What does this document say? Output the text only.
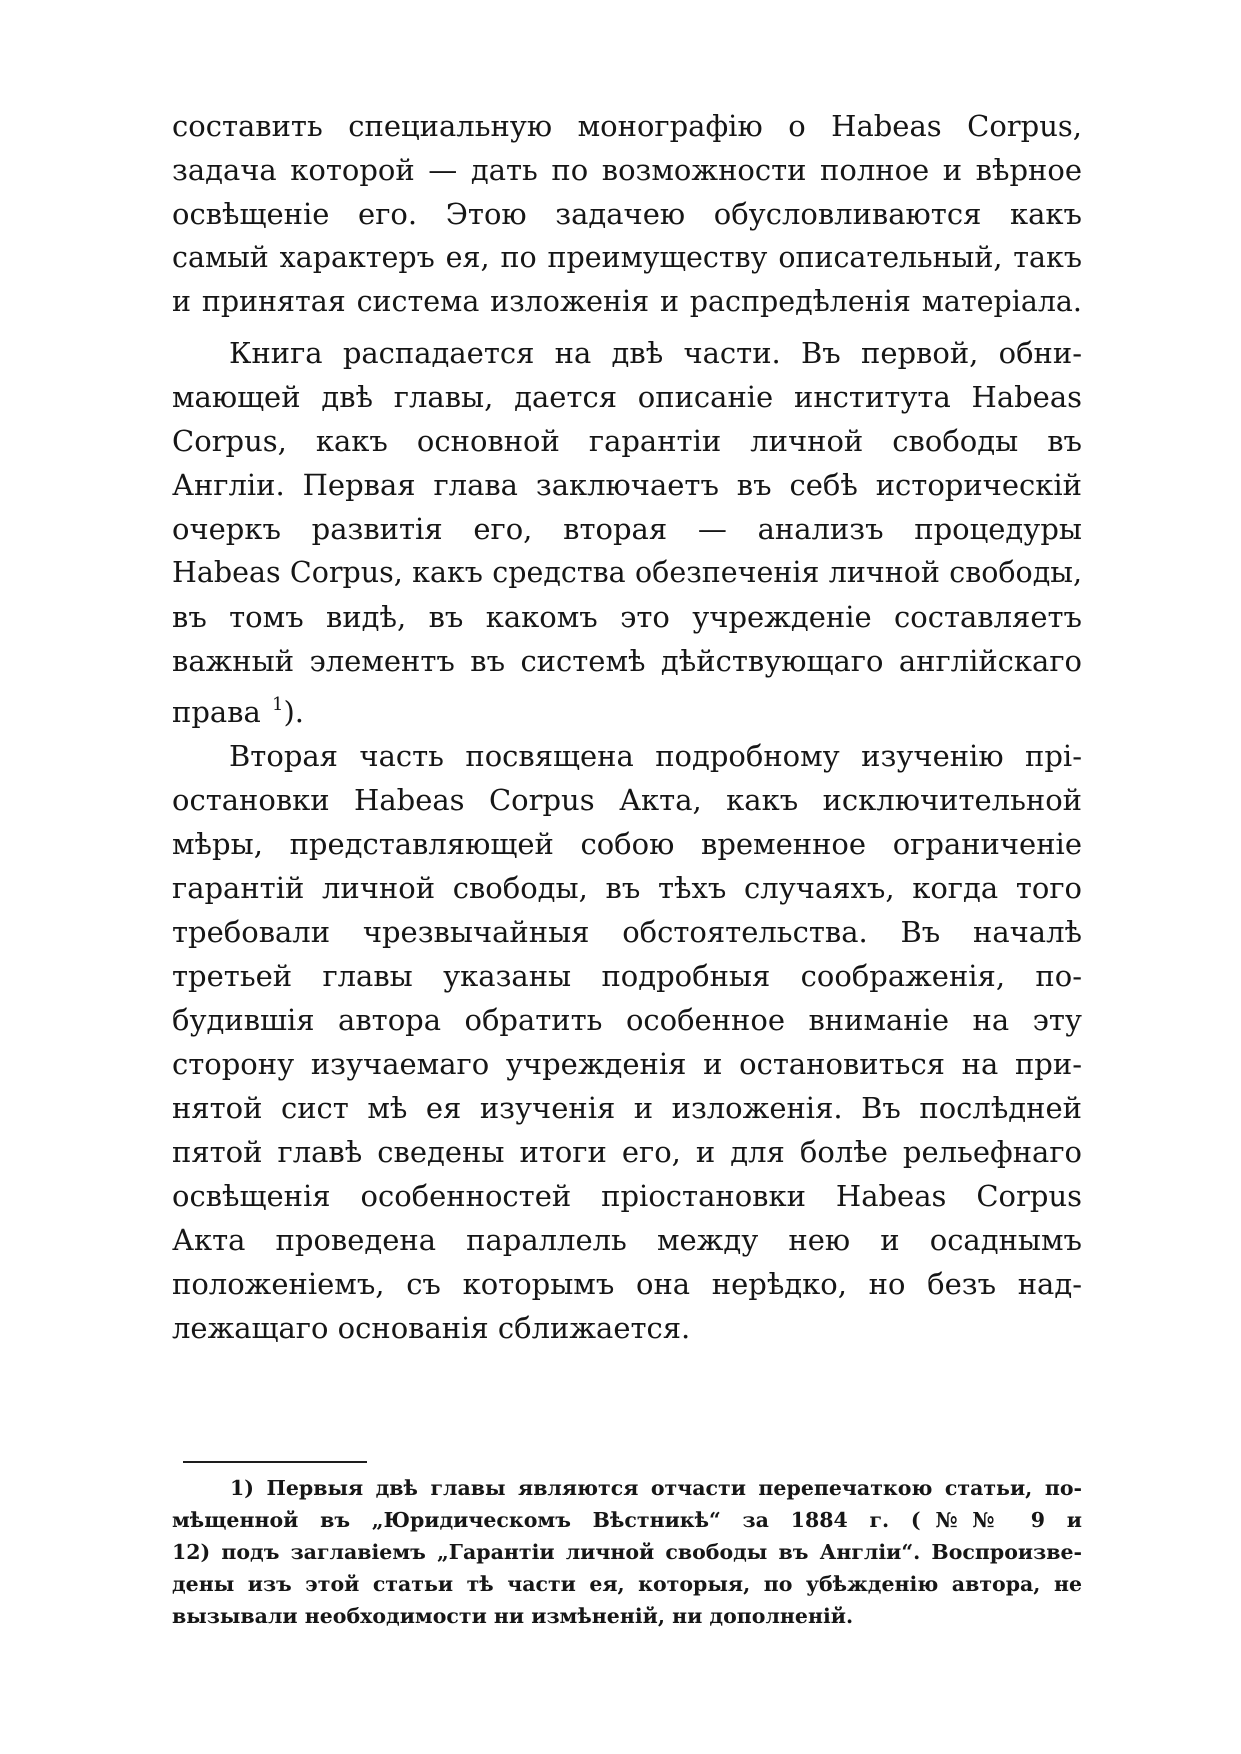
составить специальную монографію о Habeas Corpus,
задача которой — дать по возможности полное и вѣрное
освѣщеніе его. Этою задачею обусловливаются какъ
самый характеръ ея, по преимуществу описательный, такъ
и принятая система изложенія и распредѣленія матеріала.
Книга распадается на двѣ части. Въ первой, обни-
мающей двѣ главы, дается описаніе института Habeas
Corpus, какъ основной гарантіи личной свободы въ
Англіи. Первая глава заключаетъ въ себѣ историческій
очеркъ развитія его, вторая — анализъ процедуры
Habeas Corpus, какъ средства обезпеченія личной свободы,
въ томъ видѣ, въ какомъ это учрежденіе составляетъ
важный элементъ въ системѣ дѣйствующаго англійскаго
права $^1$).
Вторая часть посвящена подробному изученію прі-
остановки Habeas Corpus Акта, какъ исключительной
мѣры, представляющей собою временное ограниченіе
гарантій личной свободы, въ тѣхъ случаяхъ, когда того
требовали чрезвычайныя обстоятельства. Въ началѣ
третьей главы указаны подробныя соображенія, по-
будившія автора обратить особенное вниманіе на эту
сторону изучаемаго учрежденія и остановиться на при-
нятой сист мѣ ея изученія и изложенія. Въ послѣдней
пятой главѣ сведены итоги его, и для болѣе рельефнаго
освѣщенія особенностей пріостановки Habeas Corpus
Акта проведена параллель между нею и осаднымъ
положеніемъ, съ которымъ она нерѣдко, но безъ над-
лежащаго основанія сближается.
1) Первыя двѣ главы являются отчасти перепечаткою статьи, по-
мѣщенной въ „Юридическомъ Вѣстникѣ“ за 1884 г. (№№ 9 и
12) подъ заглавіемъ „Гарантіи личной свободы въ Англіи“. Воспроизве-
дены изъ этой статьи тѣ части ея, которыя, по убѣжденію автора, не
вызывали необходимости ни измѣненій, ни дополненій.
